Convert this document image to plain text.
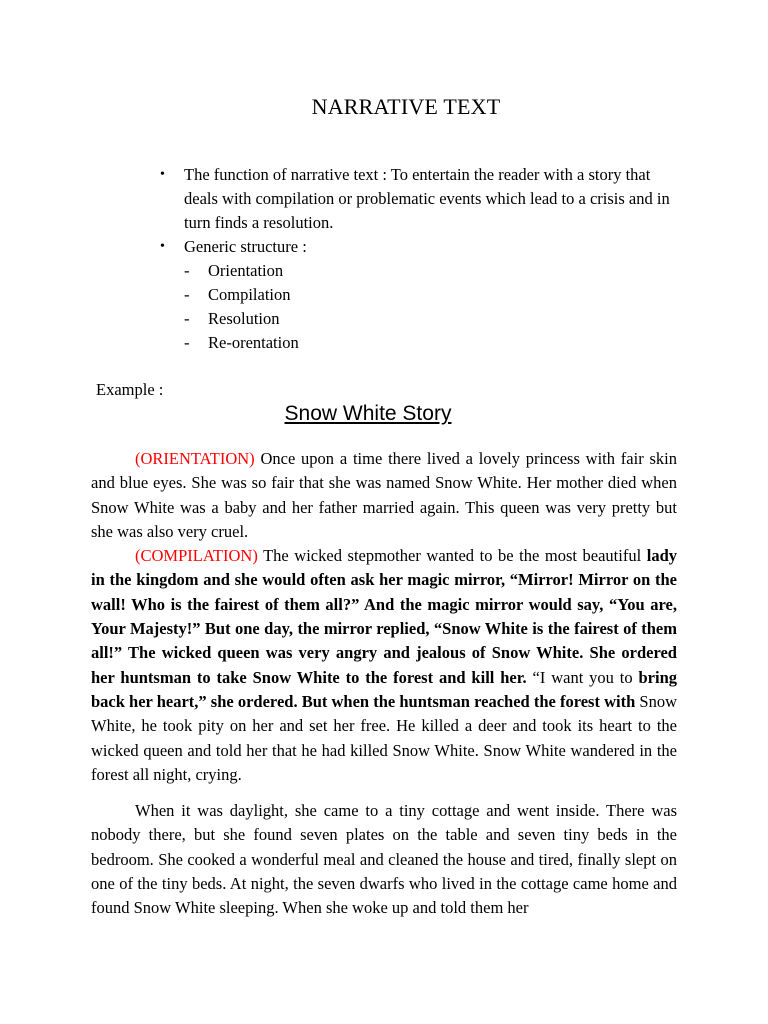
NARRATIVE TEXT
• The function of narrative text : To entertain the reader with a story that deals with compilation or problematic events which lead to a crisis and in turn finds a resolution.
• Generic structure :
- Orientation
- Compilation
- Resolution
- Re-orentation
Example :
Snow White Story

(ORIENTATION) Once upon a time there lived a lovely princess with fair skin and blue eyes. She was so fair that she was named Snow White. Her mother died when Snow White was a baby and her father married again. This queen was very pretty but she was also very cruel.

(COMPILATION) The wicked stepmother wanted to be the most beautiful lady in the kingdom and she would often ask her magic mirror, “Mirror! Mirror on the wall! Who is the fairest of them all?” And the magic mirror would say, “You are, Your Majesty!” But one day, the mirror replied, “Snow White is the fairest of them all!” The wicked queen was very angry and jealous of Snow White. She ordered her huntsman to take Snow White to the forest and kill her. “I want you to bring back her heart,” she ordered. But when the huntsman reached the forest with Snow White, he took pity on her and set her free. He killed a deer and took its heart to the wicked queen and told her that he had killed Snow White. Snow White wandered in the forest all night, crying.

When it was daylight, she came to a tiny cottage and went inside. There was nobody there, but she found seven plates on the table and seven tiny beds in the bedroom. She cooked a wonderful meal and cleaned the house and tired, finally slept on one of the tiny beds. At night, the seven dwarfs who lived in the cottage came home and found Snow White sleeping. When she woke up and told them her
